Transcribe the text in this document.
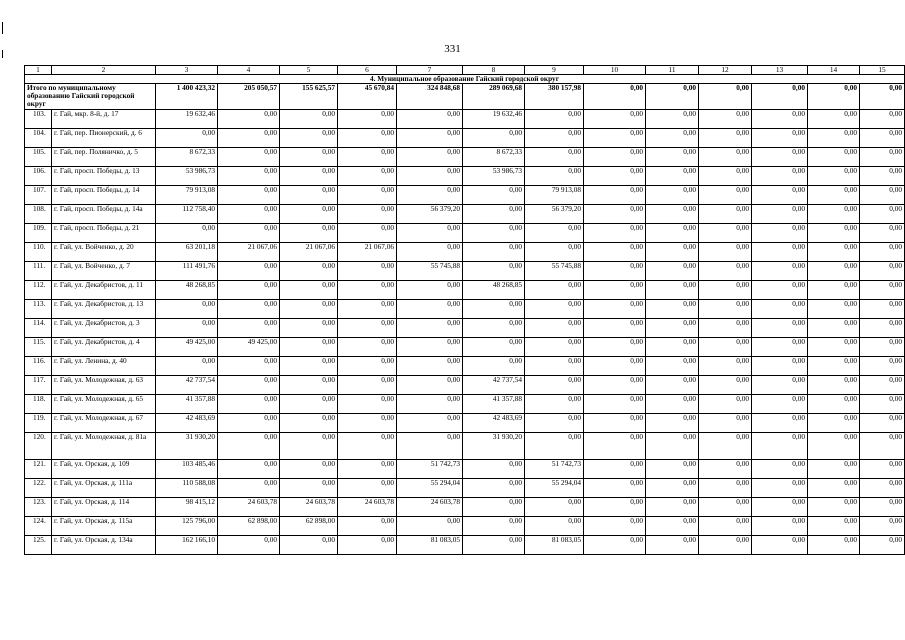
331
1	2	3	4	5	6	7	8	9	10	11	12	13	14	15
4. Муниципальное образование Гайский городской округ														
Итого по муниципальному образованию Гайский городской округ		1 400 423,32	205 050,57	155 625,57	45 670,84	324 848,68	289 069,68	380 157,98	0,00	0,00	0,00	0,00	0,00	0,00
103.	г. Гай, мкр. 8-й, д. 17	19 632,46	0,00	0,00	0,00	0,00	19 632,46	0,00	0,00	0,00	0,00	0,00	0,00	0,00
104.	г. Гай, пер. Пионерский, д. 6	0,00	0,00	0,00	0,00	0,00	0,00	0,00	0,00	0,00	0,00	0,00	0,00	0,00
105.	г. Гай, пер. Поляничко, д. 5	8 672,33	0,00	0,00	0,00	0,00	8 672,33	0,00	0,00	0,00	0,00	0,00	0,00	0,00
106.	г. Гай, просп. Победы, д. 13	53 986,73	0,00	0,00	0,00	0,00	53 986,73	0,00	0,00	0,00	0,00	0,00	0,00	0,00
107.	г. Гай, просп. Победы, д. 14	79 913,08	0,00	0,00	0,00	0,00	0,00	79 913,08	0,00	0,00	0,00	0,00	0,00	0,00
108.	г. Гай, просп. Победы, д. 14а	112 758,40	0,00	0,00	0,00	56 379,20	0,00	56 379,20	0,00	0,00	0,00	0,00	0,00	0,00
109.	г. Гай, просп. Победы, д. 21	0,00	0,00	0,00	0,00	0,00	0,00	0,00	0,00	0,00	0,00	0,00	0,00	0,00
110.	г. Гай, ул. Войченко, д. 20	63 201,18	21 067,06	21 067,06	21 067,06	0,00	0,00	0,00	0,00	0,00	0,00	0,00	0,00	0,00
111.	г. Гай, ул. Войченко, д. 7	111 491,76	0,00	0,00	0,00	55 745,88	0,00	55 745,88	0,00	0,00	0,00	0,00	0,00	0,00
112.	г. Гай, ул. Декабристов, д. 11	48 268,85	0,00	0,00	0,00	0,00	48 268,85	0,00	0,00	0,00	0,00	0,00	0,00	0,00
113.	г. Гай, ул. Декабристов, д. 13	0,00	0,00	0,00	0,00	0,00	0,00	0,00	0,00	0,00	0,00	0,00	0,00	0,00
114.	г. Гай, ул. Декабристов, д. 3	0,00	0,00	0,00	0,00	0,00	0,00	0,00	0,00	0,00	0,00	0,00	0,00	0,00
115.	г. Гай, ул. Декабристов, д. 4	49 425,00	49 425,00	0,00	0,00	0,00	0,00	0,00	0,00	0,00	0,00	0,00	0,00	0,00
116.	г. Гай, ул. Ленина, д. 40	0,00	0,00	0,00	0,00	0,00	0,00	0,00	0,00	0,00	0,00	0,00	0,00	0,00
117.	г. Гай, ул. Молодежная, д. 63	42 737,54	0,00	0,00	0,00	0,00	42 737,54	0,00	0,00	0,00	0,00	0,00	0,00	0,00
118.	г. Гай, ул. Молодежная, д. 65	41 357,88	0,00	0,00	0,00	0,00	41 357,88	0,00	0,00	0,00	0,00	0,00	0,00	0,00
119.	г. Гай, ул. Молодежная, д. 67	42 483,69	0,00	0,00	0,00	0,00	42 483,69	0,00	0,00	0,00	0,00	0,00	0,00	0,00
120.	г. Гай, ул. Молодежная, д. 81а	31 930,20	0,00	0,00	0,00	0,00	31 930,20	0,00	0,00	0,00	0,00	0,00	0,00	0,00
121.	г. Гай, ул. Орская, д. 109	103 485,46	0,00	0,00	0,00	51 742,73	0,00	51 742,73	0,00	0,00	0,00	0,00	0,00	0,00
122.	г. Гай, ул. Орская, д. 111а	110 588,08	0,00	0,00	0,00	55 294,04	0,00	55 294,04	0,00	0,00	0,00	0,00	0,00	0,00
123.	г. Гай, ул. Орская, д. 114	98 415,12	24 603,78	24 603,78	24 603,78	24 603,78	0,00	0,00	0,00	0,00	0,00	0,00	0,00	0,00
124.	г. Гай, ул. Орская, д. 115а	125 796,00	62 898,00	62 898,00	0,00	0,00	0,00	0,00	0,00	0,00	0,00	0,00	0,00	0,00
125.	г. Гай, ул. Орская, д. 134а	162 166,10	0,00	0,00	0,00	81 083,05	0,00	81 083,05	0,00	0,00	0,00	0,00	0,00	0,00
